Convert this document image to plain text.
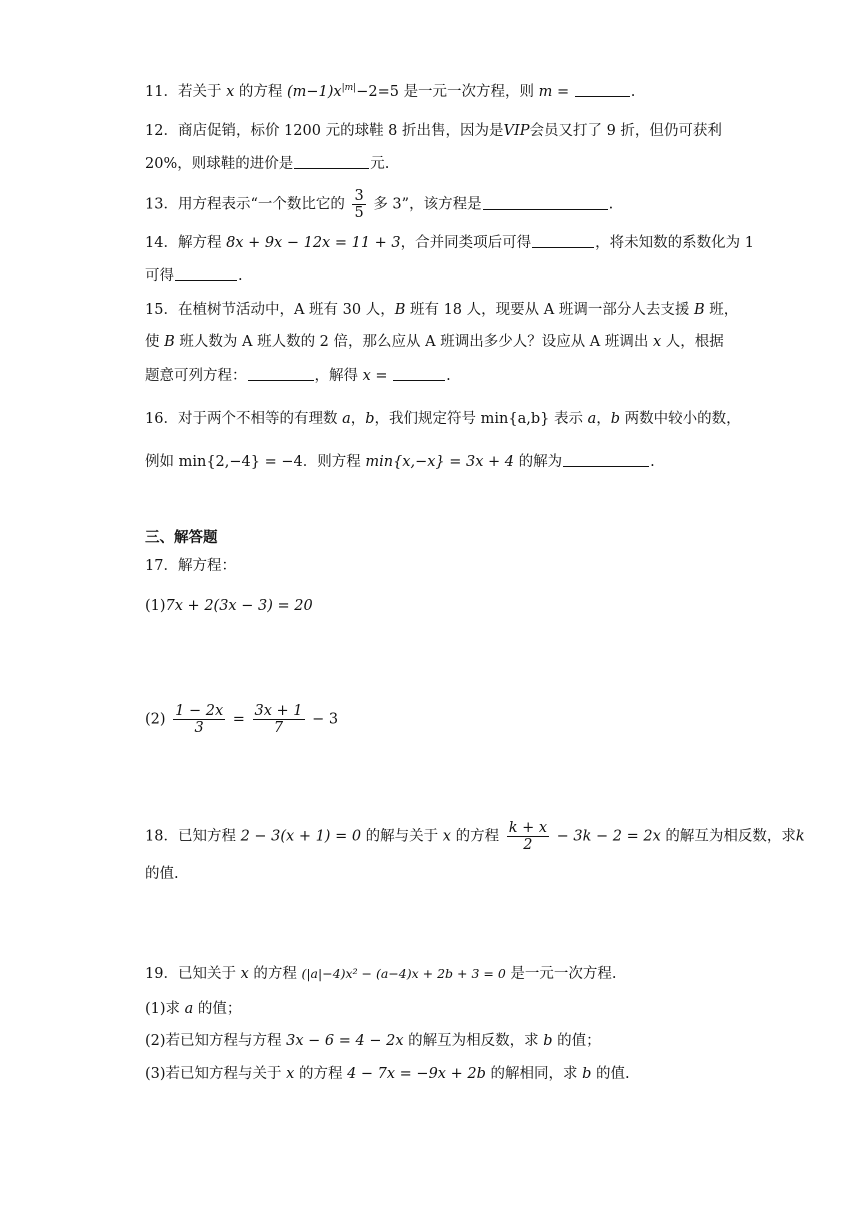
11．若关于 x 的方程 $(m-1)x^{|m|}-2=5$ 是一元一次方程，则 m =	.
12．商店促销，标价 1200 元的球鞋 8 折出售，因为是VIP会员又打了 9 折，但仍可获利
20%，则球鞋的进价是	元.
13．用方程表示“一个数比它的 $\frac{3}{5}$ 多 3”，该方程是	.
14．解方程 8x + 9x − 12x = 11 + 3，合并同类项后可得	，将未知数的系数化为 1
可得	.
15．在植树节活动中，A 班有 30 人，B 班有 18 人，现要从 A 班调一部分人去支援 B 班，
使 B 班人数为 A 班人数的 2 倍，那么应从 A 班调出多少人？设应从 A 班调出 x 人，根据
题意可列方程：	，解得 x =	.
16．对于两个不相等的有理数 a，b，我们规定符号 min{a,b} 表示 a，b 两数中较小的数，
例如 min{2,−4} = −4．则方程 min{x,−x} = 3x + 4 的解为	.
三、解答题
17．解方程：
(1)7x + 2(3x − 3) = 20
$(2) \frac{1 - 2x}{3} = \frac{3x + 1}{7} - 3$
18．已知方程 2 − 3(x + 1) = 0 的解与关于 x 的方程 $\frac{k + x}{2} - 3k - 2 = 2x$ 的解互为相反数，求k
的值.
19．已知关于 x 的方程 (|a|−4)x² − (a−4)x + 2b + 3 = 0 是一元一次方程.
(1)求 a 的值；
(2)若已知方程与方程 3x − 6 = 4 − 2x 的解互为相反数，求 b 的值；
(3)若已知方程与关于 x 的方程 4 − 7x = −9x + 2b 的解相同，求 b 的值.
